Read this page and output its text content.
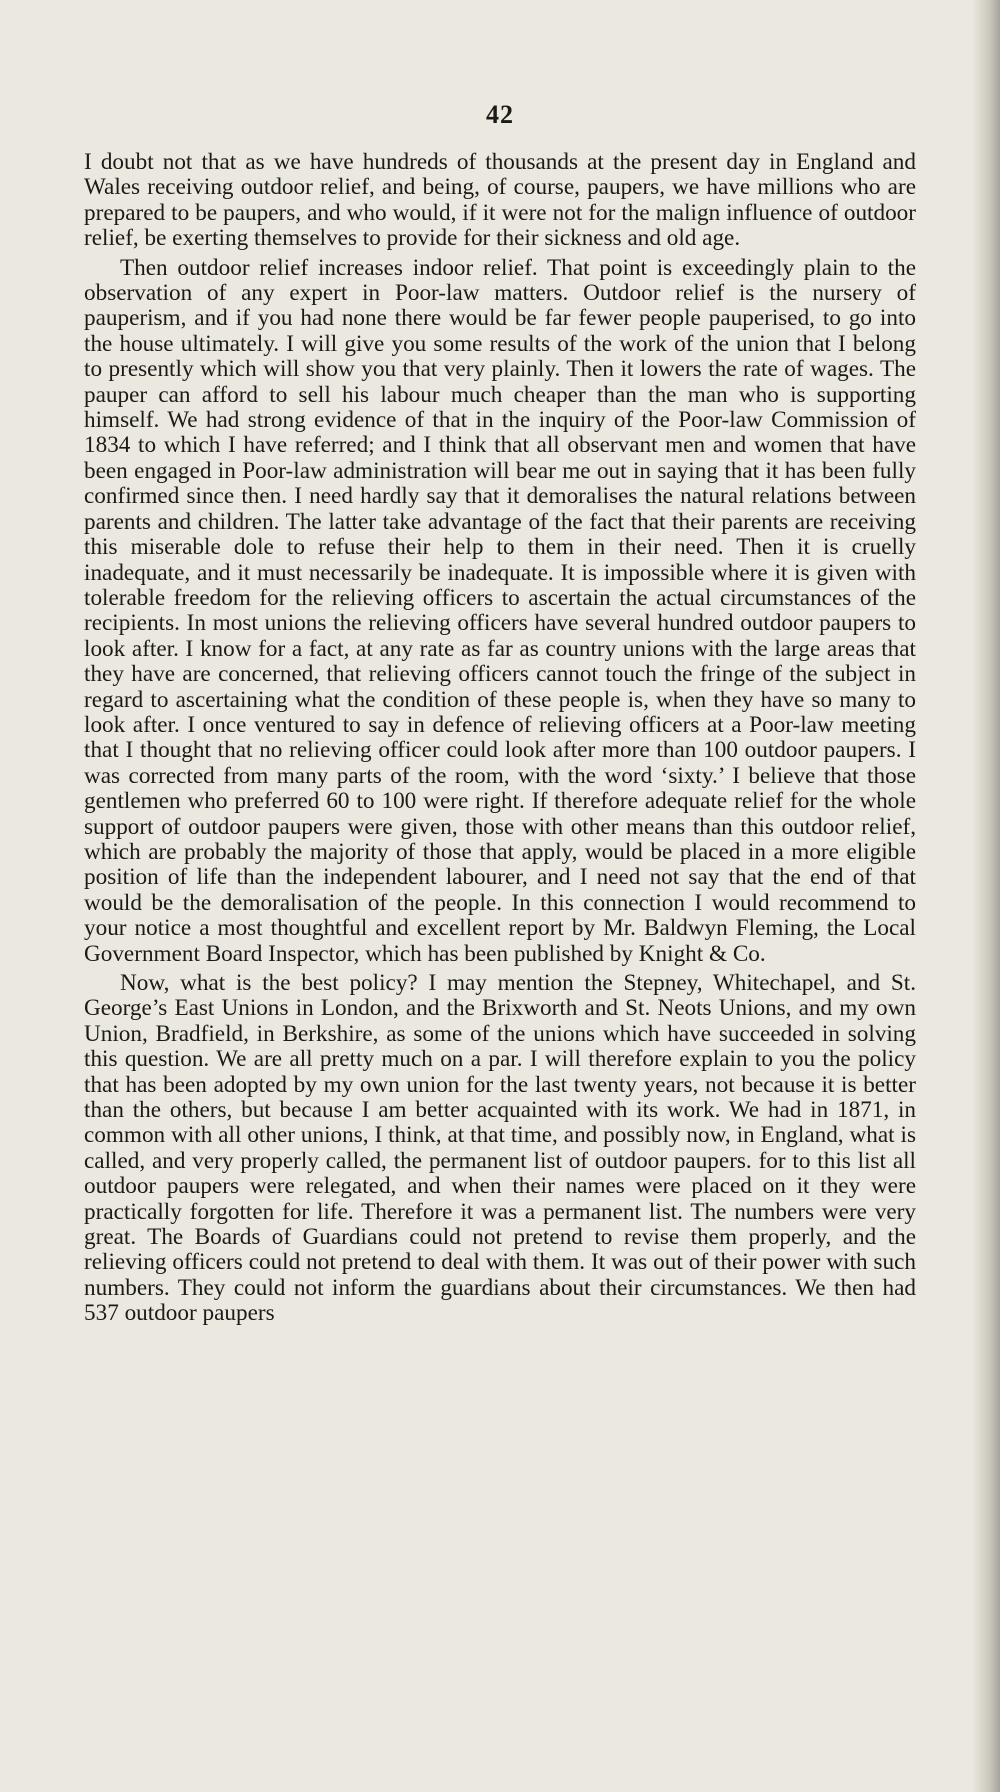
42

I doubt not that as we have hundreds of thousands at the present day in England and Wales receiving outdoor relief, and being, of course, paupers, we have millions who are prepared to be paupers, and who would, if it were not for the malign influence of outdoor relief, be exerting themselves to provide for their sickness and old age.

Then outdoor relief increases indoor relief. That point is exceedingly plain to the observation of any expert in Poor-law matters. Outdoor relief is the nursery of pauperism, and if you had none there would be far fewer people pauperised, to go into the house ultimately. I will give you some results of the work of the union that I belong to presently which will show you that very plainly. Then it lowers the rate of wages. The pauper can afford to sell his labour much cheaper than the man who is supporting himself. We had strong evidence of that in the inquiry of the Poor-law Commission of 1834 to which I have referred; and I think that all observant men and women that have been engaged in Poor-law administration will bear me out in saying that it has been fully confirmed since then. I need hardly say that it demoralises the natural relations between parents and children. The latter take advantage of the fact that their parents are receiving this miserable dole to refuse their help to them in their need. Then it is cruelly inadequate, and it must necessarily be inadequate. It is impossible where it is given with tolerable freedom for the relieving officers to ascertain the actual circumstances of the recipients. In most unions the relieving officers have several hundred outdoor paupers to look after. I know for a fact, at any rate as far as country unions with the large areas that they have are concerned, that relieving officers cannot touch the fringe of the subject in regard to ascertaining what the condition of these people is, when they have so many to look after. I once ventured to say in defence of relieving officers at a Poor-law meeting that I thought that no relieving officer could look after more than 100 outdoor paupers. I was corrected from many parts of the room, with the word ‘sixty.’ I believe that those gentlemen who preferred 60 to 100 were right. If therefore adequate relief for the whole support of outdoor paupers were given, those with other means than this outdoor relief, which are probably the majority of those that apply, would be placed in a more eligible position of life than the independent labourer, and I need not say that the end of that would be the demoralisation of the people. In this connection I would recommend to your notice a most thoughtful and excellent report by Mr. Baldwyn Fleming, the Local Government Board Inspector, which has been published by Knight & Co.

Now, what is the best policy? I may mention the Stepney, Whitechapel, and St. George’s East Unions in London, and the Brixworth and St. Neots Unions, and my own Union, Bradfield, in Berkshire, as some of the unions which have succeeded in solving this question. We are all pretty much on a par. I will therefore explain to you the policy that has been adopted by my own union for the last twenty years, not because it is better than the others, but because I am better acquainted with its work. We had in 1871, in common with all other unions, I think, at that time, and possibly now, in England, what is called, and very properly called, the permanent list of outdoor paupers. for to this list all outdoor paupers were relegated, and when their names were placed on it they were practically forgotten for life. Therefore it was a permanent list. The numbers were very great. The Boards of Guardians could not pretend to revise them properly, and the relieving officers could not pretend to deal with them. It was out of their power with such numbers. They could not inform the guardians about their circumstances. We then had 537 outdoor paupers
